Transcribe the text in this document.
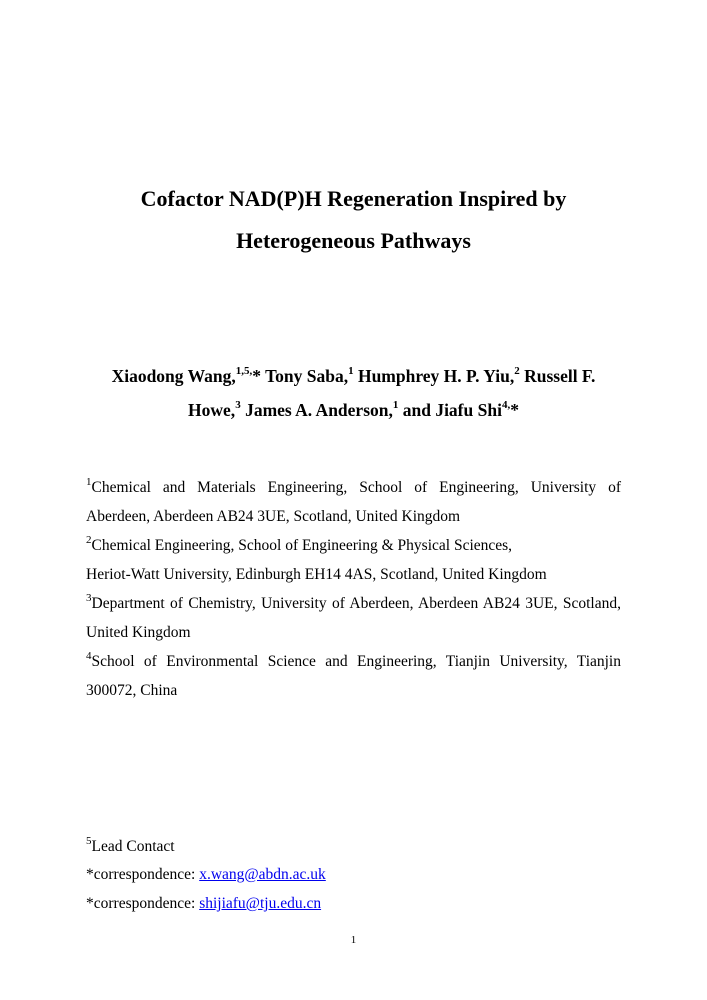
Cofactor NAD(P)H Regeneration Inspired by
Heterogeneous Pathways

Xiaodong Wang,$^{1,5,}$* Tony Saba,$^1$ Humphrey H. P. Yiu,$^2$ Russell F.

Howe,$^3$ James A. Anderson,$^1$ and Jiafu Shi$^{4,}$*

$^1$Chemical and Materials Engineering, School of Engineering, University of Aberdeen, Aberdeen AB24 3UE, Scotland, United Kingdom

$^2$Chemical Engineering, School of Engineering & Physical Sciences,
Heriot-Watt University, Edinburgh EH14 4AS, Scotland, United Kingdom

$^3$Department of Chemistry, University of Aberdeen, Aberdeen AB24 3UE, Scotland, United Kingdom

$^4$School of Environmental Science and Engineering, Tianjin University, Tianjin 300072, China

$^5$Lead Contact

*correspondence: x.wang@abdn.ac.uk

*correspondence: shijiafu@tju.edu.cn

1
